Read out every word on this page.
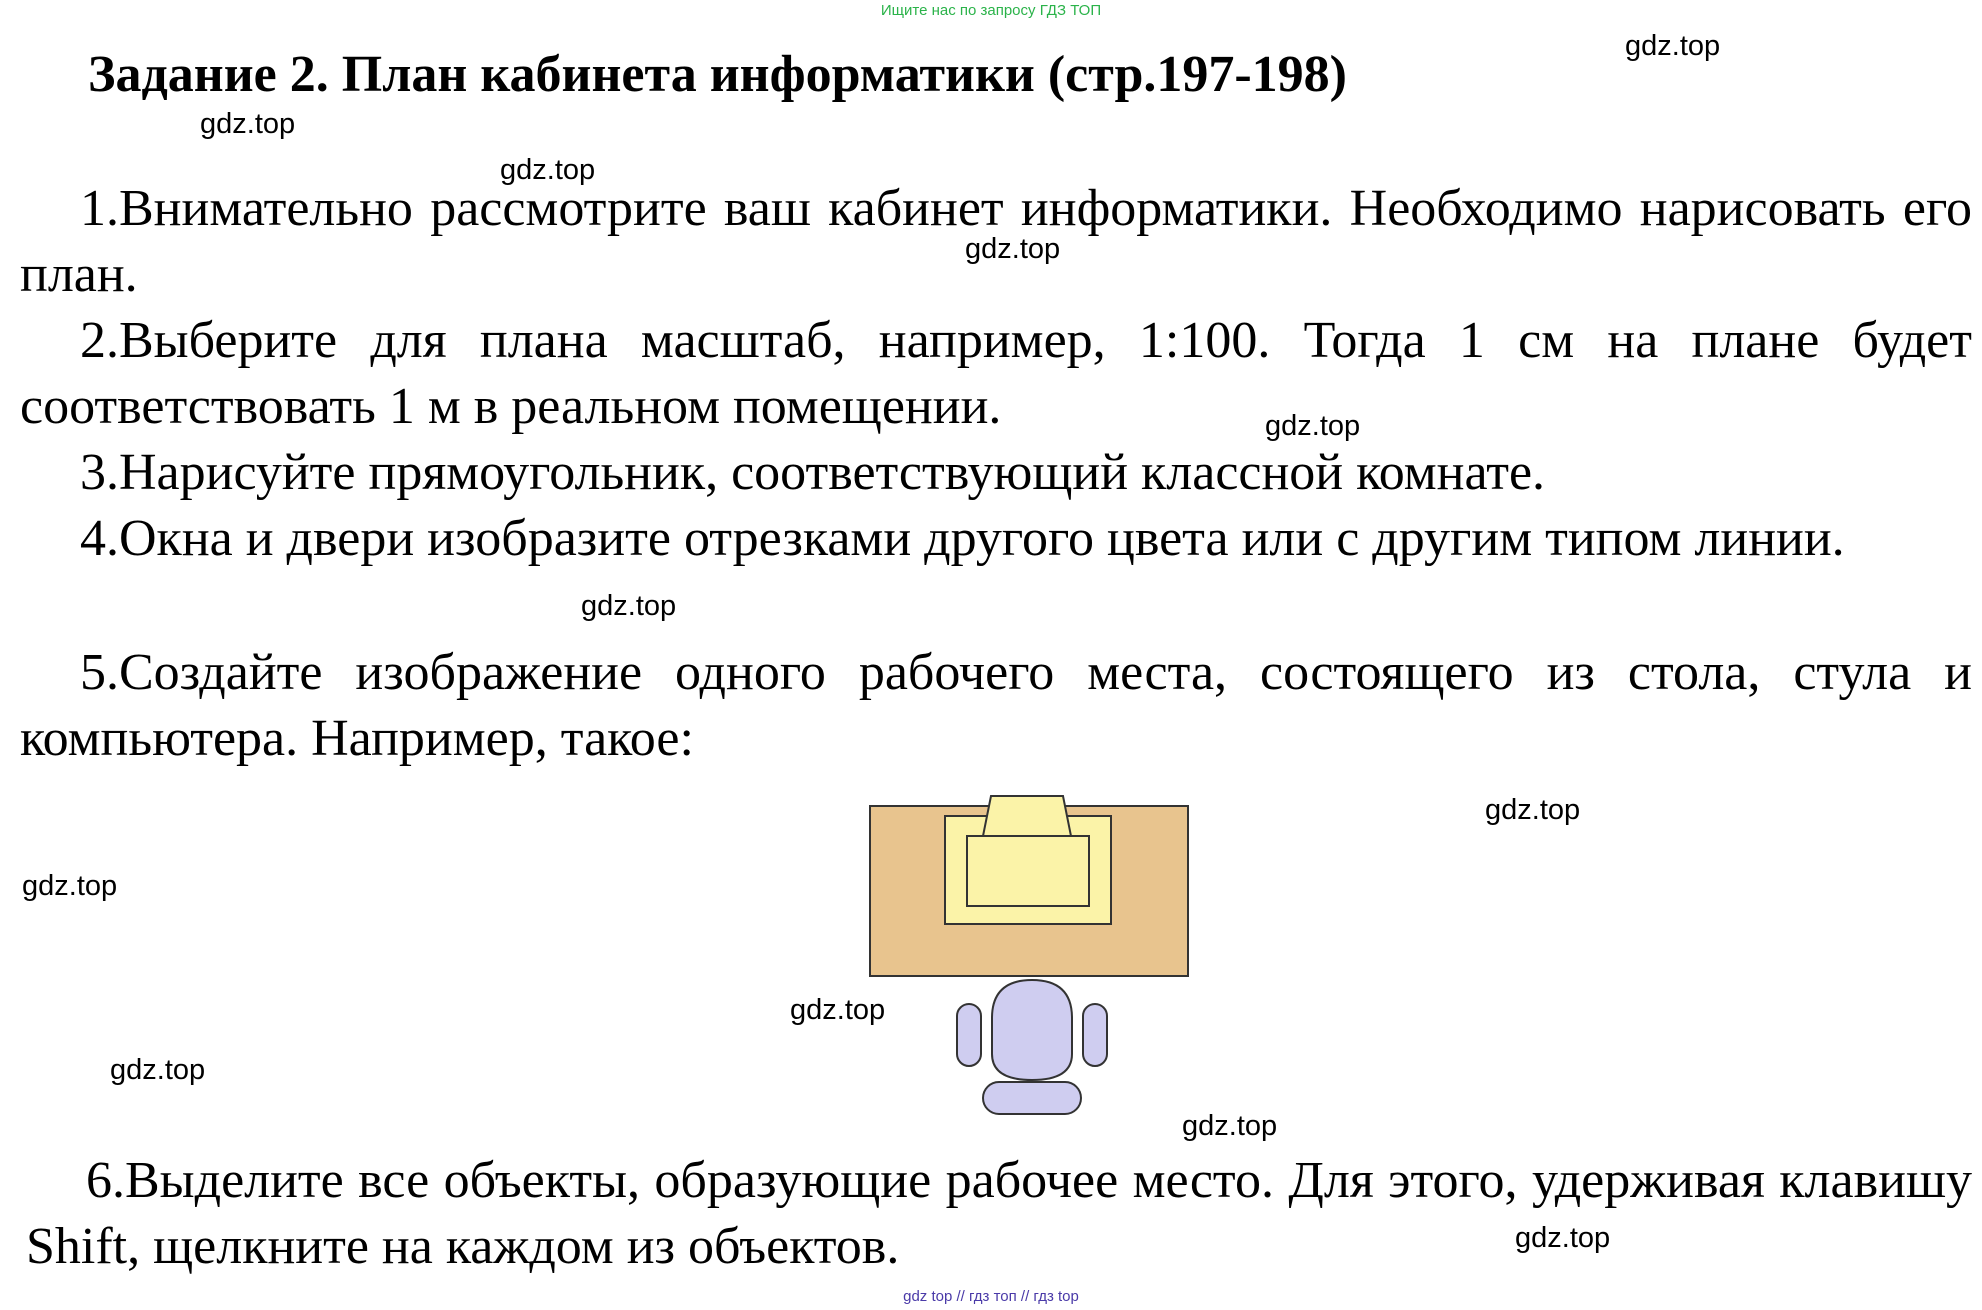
Ищите нас по запросу ГДЗ ТОП
Задание 2. План кабинета информатики (стр.197-198)

1.Внимательно рассмотрите ваш кабинет информатики. Необходимо нарисовать его план.

2.Выберите для плана масштаб, например, 1:100. Тогда 1 см на плане будет соответствовать 1 м в реальном помещении.

3.Нарисуйте прямоугольник, соответствующий классной комнате.

4.Окна и двери изобразите отрезками другого цвета или с другим типом линии.

5.Создайте изображение одного рабочего места, состоящего из стола, стула и компьютера. Например, такое:

6.Выделите все объекты, образующие рабочее место. Для этого, удерживая клавишу Shift, щелкните на каждом из объектов.

gdz.top
gdz.top
gdz.top
gdz.top
gdz.top
gdz.top
gdz.top
gdz.top
gdz.top
gdz.top
gdz.top
gdz.top
gdz top // гдз топ // гдз top
